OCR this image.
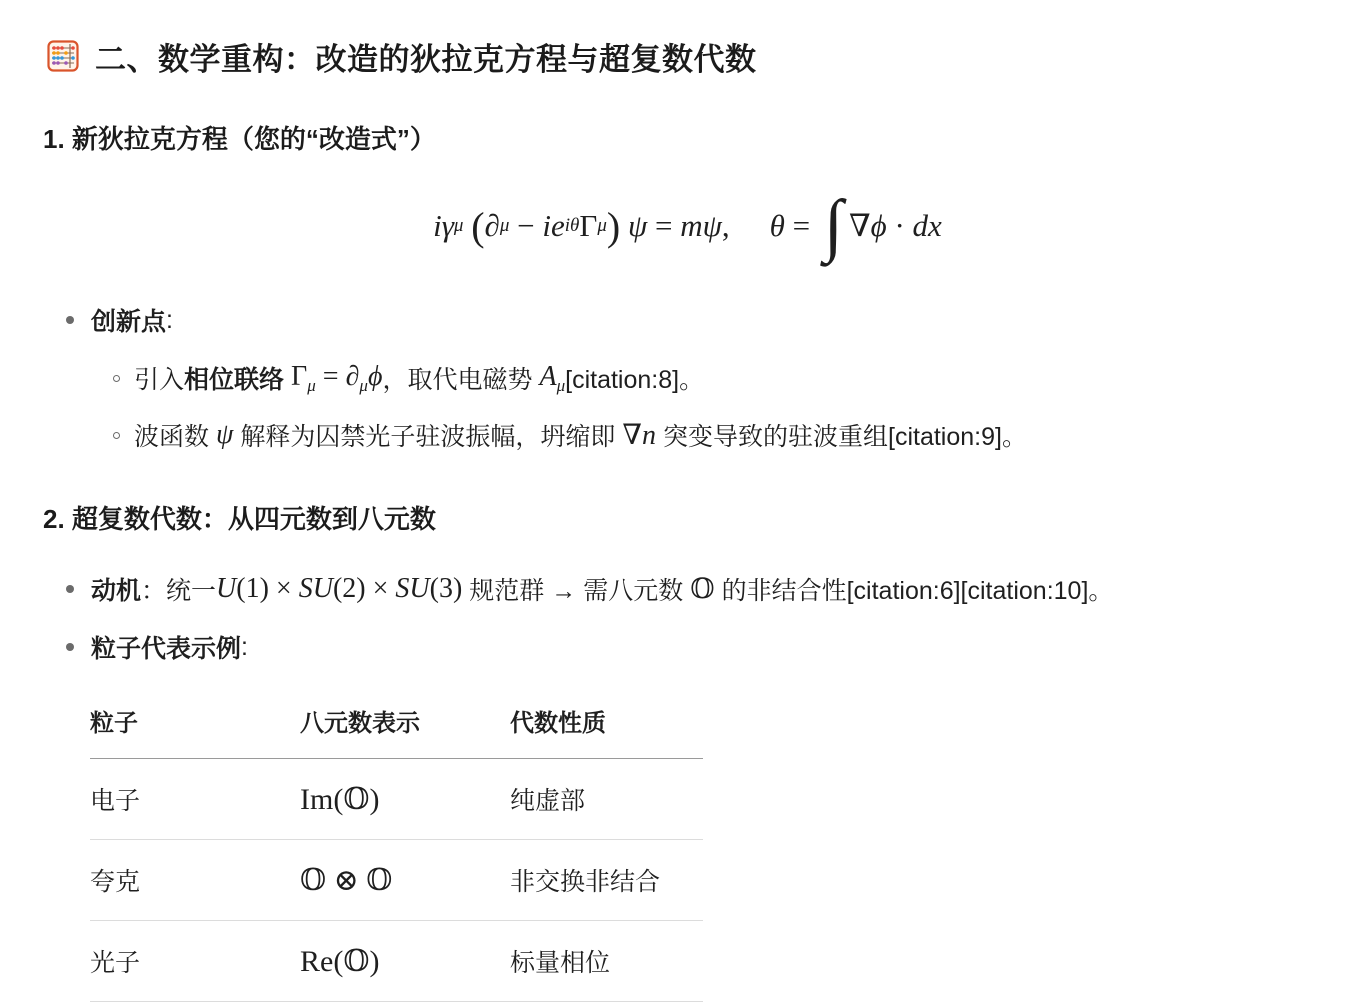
二、数学重构：改造的狄拉克方程与超复数代数
1. 新狄拉克方程（您的“改造式”）
i γ μ
( ∂ μ
−
ie iθ Γ μ )
ψ
=
mψ , θ
=
∫ ∇ ϕ
·
d x⃗
创新点 :
引入 相位联络 $\Gamma_\mu = \partial_\mu\phi$ ，取代电磁势 $A_\mu$ [citation:8]。
波函数 ψ 解释为囚禁光子驻波振幅，坍缩即 ∇n 突变导致的驻波重组 [citation:9]。
2. 超复数代数：从四元数到八元数
动机 ：统一 U(1) × SU(2) × SU(3) 规范群 → 需八元数 𝕆 的非结合性[citation:6][citation:10]。
粒子代表示例 :
粒子	八元数表示	代数性质
电子	Im(𝕆)	纯虚部
夸克	𝕆 ⊗ 𝕆	非交换非结合
光子	Re(𝕆)	标量相位
